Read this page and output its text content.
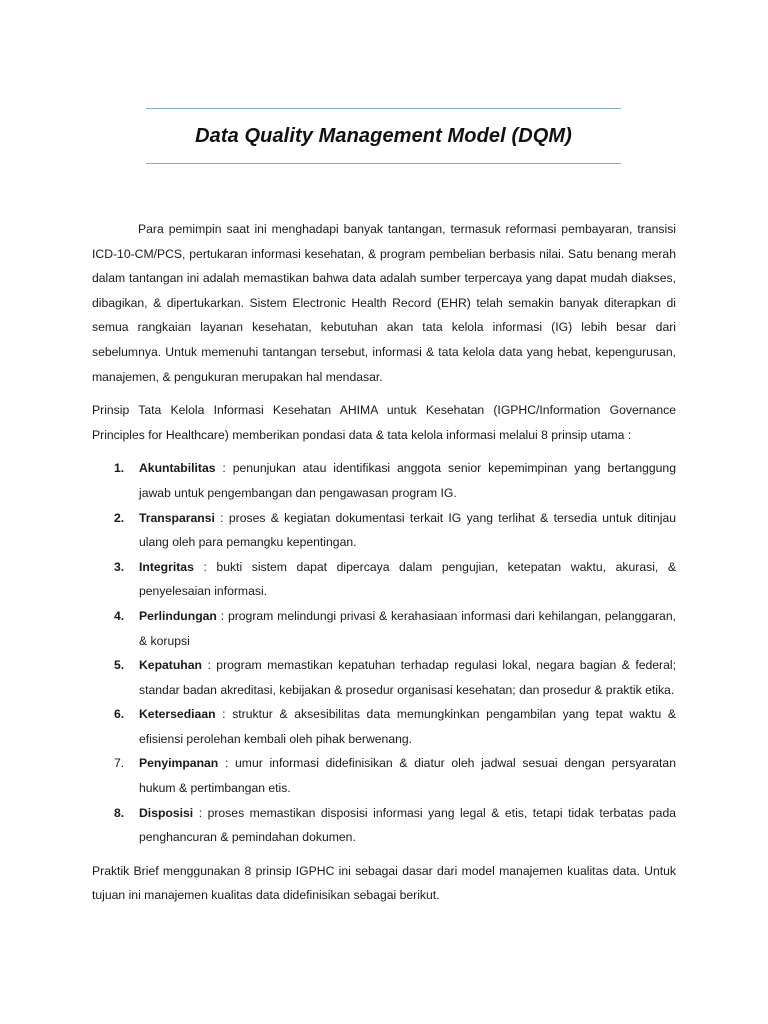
Data Quality Management Model (DQM)

Para pemimpin saat ini menghadapi banyak tantangan, termasuk reformasi pembayaran, transisi ICD-10-CM/PCS, pertukaran informasi kesehatan, & program pembelian berbasis nilai. Satu benang merah dalam tantangan ini adalah memastikan bahwa data adalah sumber terpercaya yang dapat mudah diakses, dibagikan, & dipertukarkan. Sistem Electronic Health Record (EHR) telah semakin banyak diterapkan di semua rangkaian layanan kesehatan, kebutuhan akan tata kelola informasi (IG) lebih besar dari sebelumnya. Untuk memenuhi tantangan tersebut, informasi & tata kelola data yang hebat, kepengurusan, manajemen, & pengukuran merupakan hal mendasar.

Prinsip Tata Kelola Informasi Kesehatan AHIMA untuk Kesehatan (IGPHC/Information Governance Principles for Healthcare) memberikan pondasi data & tata kelola informasi melalui 8 prinsip utama :

1. Akuntabilitas : penunjukan atau identifikasi anggota senior kepemimpinan yang bertanggung jawab untuk pengembangan dan pengawasan program IG.
2. Transparansi : proses & kegiatan dokumentasi terkait IG yang terlihat & tersedia untuk ditinjau ulang oleh para pemangku kepentingan.
3. Integritas : bukti sistem dapat dipercaya dalam pengujian, ketepatan waktu, akurasi, & penyelesaian informasi.
4. Perlindungan : program melindungi privasi & kerahasiaan informasi dari kehilangan, pelanggaran, & korupsi
5. Kepatuhan : program memastikan kepatuhan terhadap regulasi lokal, negara bagian & federal; standar badan akreditasi, kebijakan & prosedur organisasi kesehatan; dan prosedur & praktik etika.
6. Ketersediaan : struktur & aksesibilitas data memungkinkan pengambilan yang tepat waktu & efisiensi perolehan kembali oleh pihak berwenang.
7. Penyimpanan : umur informasi didefinisikan & diatur oleh jadwal sesuai dengan persyaratan hukum & pertimbangan etis.
8. Disposisi : proses memastikan disposisi informasi yang legal & etis, tetapi tidak terbatas pada penghancuran & pemindahan dokumen.

Praktik Brief menggunakan 8 prinsip IGPHC ini sebagai dasar dari model manajemen kualitas data. Untuk tujuan ini manajemen kualitas data didefinisikan sebagai berikut.
